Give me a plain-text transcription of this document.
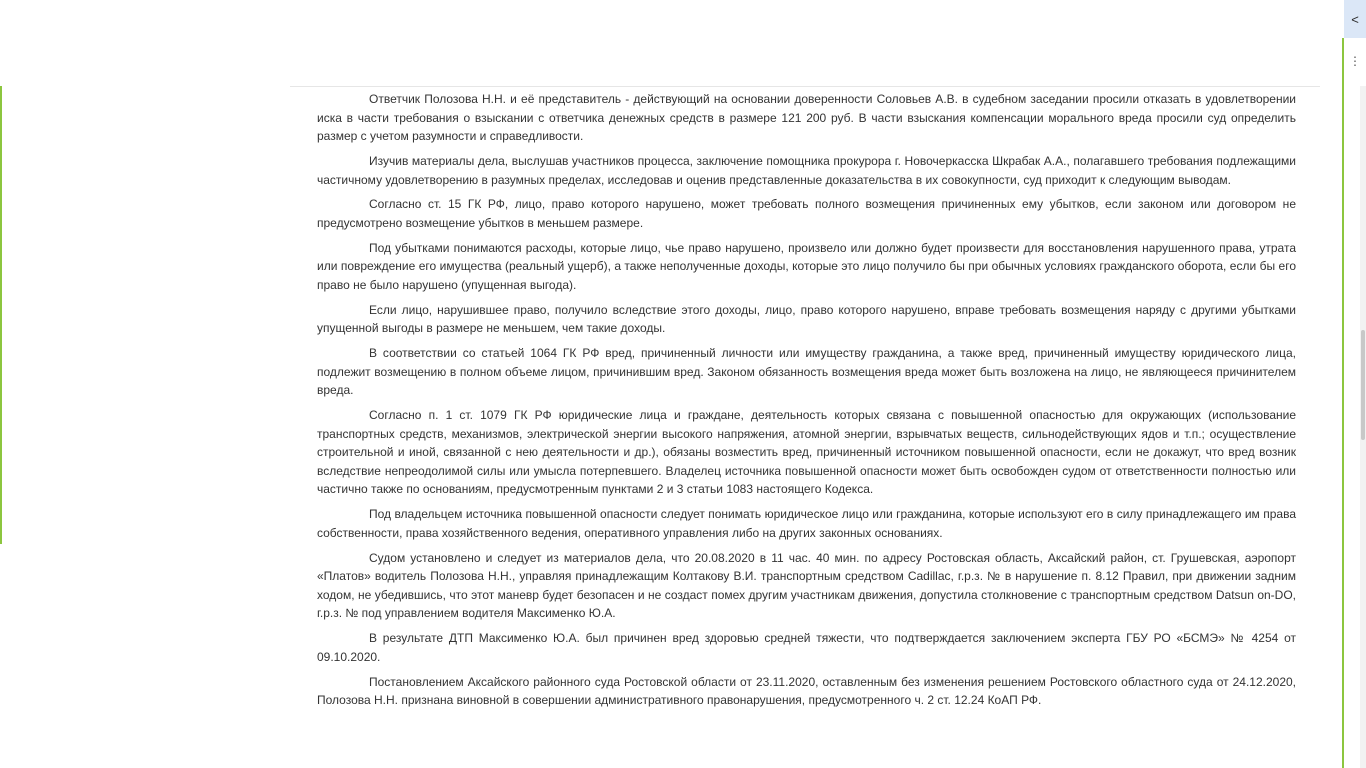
<
⋮

Ответчик Полозова Н.Н. и её представитель - действующий на основании доверенности Соловьев А.В. в судебном заседании просили отказать в удовлетворении иска в части требования о взыскании с ответчика денежных средств в размере 121 200 руб. В части взыскания компенсации морального вреда просили суд определить размер с учетом разумности и справедливости.

Изучив материалы дела, выслушав участников процесса, заключение помощника прокурора г. Новочеркасска Шкрабак А.А., полагавшего требования подлежащими частичному удовлетворению в разумных пределах, исследовав и оценив представленные доказательства в их совокупности, суд приходит к следующим выводам.

Согласно ст. 15 ГК РФ, лицо, право которого нарушено, может требовать полного возмещения причиненных ему убытков, если законом или договором не предусмотрено возмещение убытков в меньшем размере.

Под убытками понимаются расходы, которые лицо, чье право нарушено, произвело или должно будет произвести для восстановления нарушенного права, утрата или повреждение его имущества (реальный ущерб), а также неполученные доходы, которые это лицо получило бы при обычных условиях гражданского оборота, если бы его право не было нарушено (упущенная выгода).

Если лицо, нарушившее право, получило вследствие этого доходы, лицо, право которого нарушено, вправе требовать возмещения наряду с другими убытками упущенной выгоды в размере не меньшем, чем такие доходы.

В соответствии со статьей 1064 ГК РФ вред, причиненный личности или имуществу гражданина, а также вред, причиненный имуществу юридического лица, подлежит возмещению в полном объеме лицом, причинившим вред. Законом обязанность возмещения вреда может быть возложена на лицо, не являющееся причинителем вреда.

Согласно п. 1 ст. 1079 ГК РФ юридические лица и граждане, деятельность которых связана с повышенной опасностью для окружающих (использование транспортных средств, механизмов, электрической энергии высокого напряжения, атомной энергии, взрывчатых веществ, сильнодействующих ядов и т.п.; осуществление строительной и иной, связанной с нею деятельности и др.), обязаны возместить вред, причиненный источником повышенной опасности, если не докажут, что вред возник вследствие непреодолимой силы или умысла потерпевшего. Владелец источника повышенной опасности может быть освобожден судом от ответственности полностью или частично также по основаниям, предусмотренным пунктами 2 и 3 статьи 1083 настоящего Кодекса.

Под владельцем источника повышенной опасности следует понимать юридическое лицо или гражданина, которые используют его в силу принадлежащего им права собственности, права хозяйственного ведения, оперативного управления либо на других законных основаниях.

Судом установлено и следует из материалов дела, что 20.08.2020 в 11 час. 40 мин. по адресу Ростовская область, Аксайский район, ст. Грушевская, аэропорт «Платов» водитель Полозова Н.Н., управляя принадлежащим Колтакову В.И. транспортным средством Cadillac, г.р.з. № в нарушение п. 8.12 Правил, при движении задним ходом, не убедившись, что этот маневр будет безопасен и не создаст помех другим участникам движения, допустила столкновение с транспортным средством Datsun on-DO, г.р.з. № под управлением водителя Максименко Ю.А.

В результате ДТП Максименко Ю.А. был причинен вред здоровью средней тяжести, что подтверждается заключением эксперта ГБУ РО «БСМЭ» № 4254 от 09.10.2020.

Постановлением Аксайского районного суда Ростовской области от 23.11.2020, оставленным без изменения решением Ростовского областного суда от 24.12.2020, Полозова Н.Н. признана виновной в совершении административного правонарушения, предусмотренного ч. 2 ст. 12.24 КоАП РФ.
